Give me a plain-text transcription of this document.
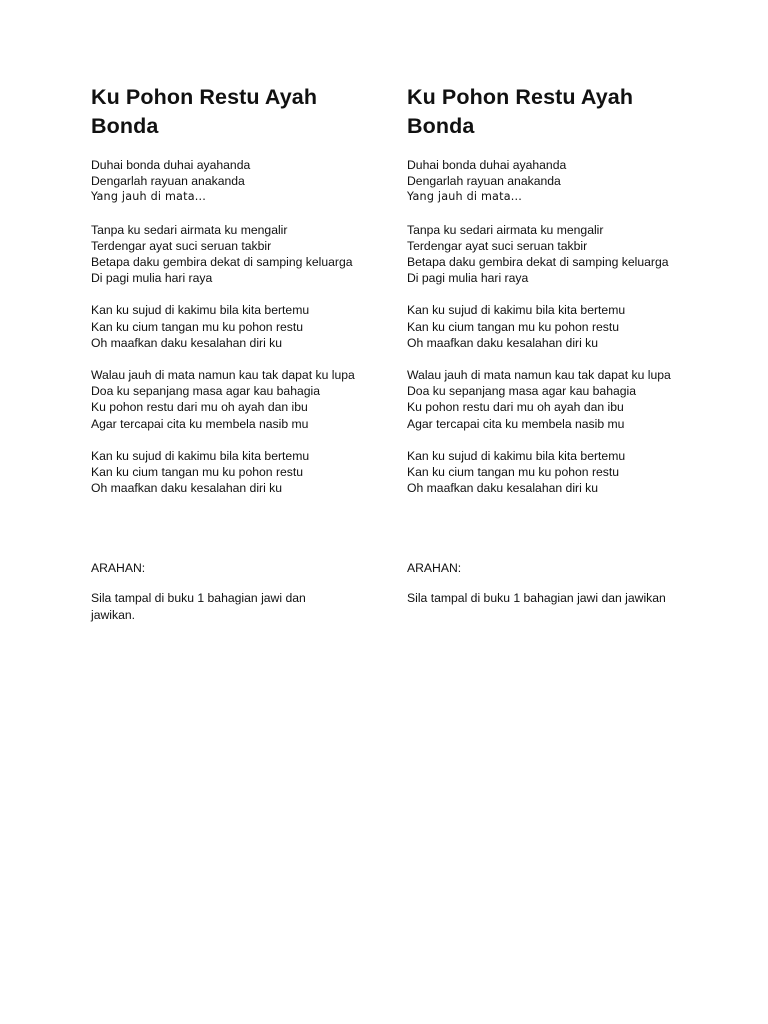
Ku Pohon Restu Ayah Bonda
Duhai bonda duhai ayahanda
Dengarlah rayuan anakanda
Yang jauh di mata...
Tanpa ku sedari airmata ku mengalir
Terdengar ayat suci seruan takbir
Betapa daku gembira dekat di samping keluarga
Di pagi mulia hari raya
Kan ku sujud di kakimu bila kita bertemu
Kan ku cium tangan mu ku pohon restu
Oh maafkan daku kesalahan diri ku
Walau jauh di mata namun kau tak dapat ku lupa
Doa ku sepanjang masa agar kau bahagia
Ku pohon restu dari mu oh ayah dan ibu
Agar tercapai cita ku membela nasib mu
Kan ku sujud di kakimu bila kita bertemu
Kan ku cium tangan mu ku pohon restu
Oh maafkan daku kesalahan diri ku
ARAHAN:
Sila tampal di buku 1 bahagian jawi dan jawikan.
Ku Pohon Restu Ayah Bonda
Duhai bonda duhai ayahanda
Dengarlah rayuan anakanda
Yang jauh di mata...
Tanpa ku sedari airmata ku mengalir
Terdengar ayat suci seruan takbir
Betapa daku gembira dekat di samping keluarga
Di pagi mulia hari raya
Kan ku sujud di kakimu bila kita bertemu
Kan ku cium tangan mu ku pohon restu
Oh maafkan daku kesalahan diri ku
Walau jauh di mata namun kau tak dapat ku lupa
Doa ku sepanjang masa agar kau bahagia
Ku pohon restu dari mu oh ayah dan ibu
Agar tercapai cita ku membela nasib mu
Kan ku sujud di kakimu bila kita bertemu
Kan ku cium tangan mu ku pohon restu
Oh maafkan daku kesalahan diri ku
ARAHAN:
Sila tampal di buku 1 bahagian jawi dan jawikan
